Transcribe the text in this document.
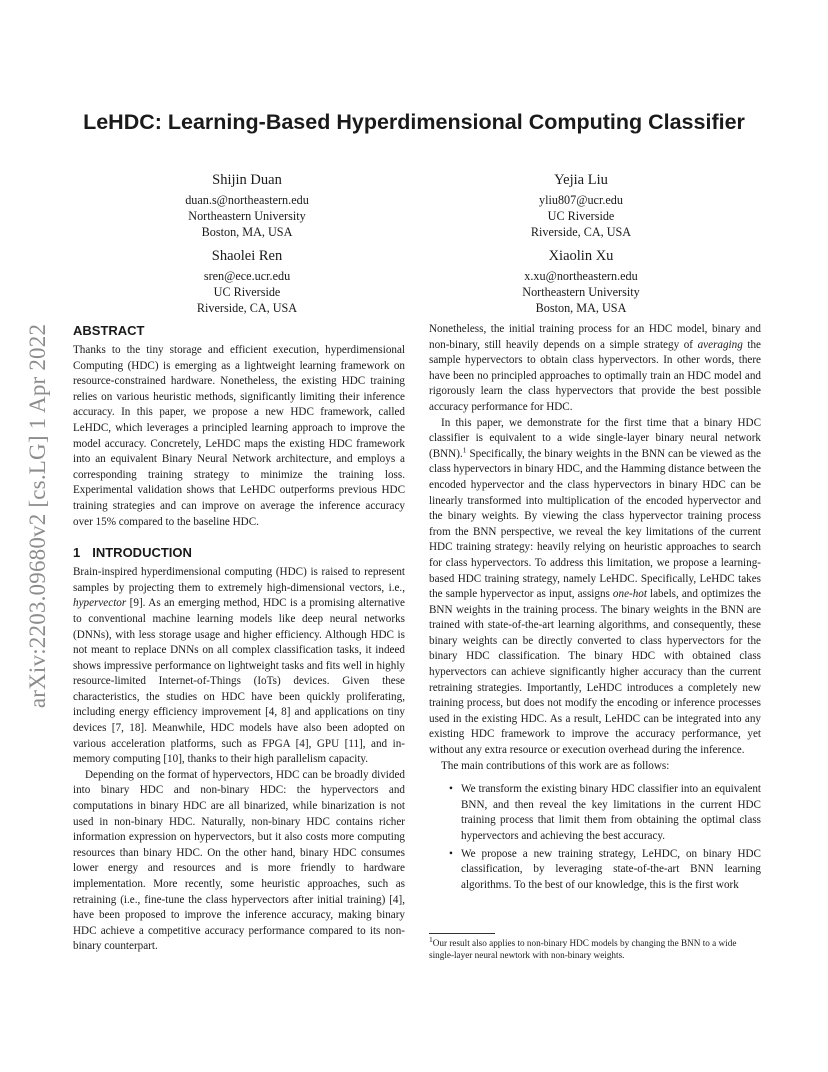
arXiv:2203.09680v2 [cs.LG] 1 Apr 2022
LeHDC: Learning-Based Hyperdimensional Computing Classifier
Shijin Duan
duan.s@northeastern.edu
Northeastern University
Boston, MA, USA
Yejia Liu
yliu807@ucr.edu
UC Riverside
Riverside, CA, USA
Shaolei Ren
sren@ece.ucr.edu
UC Riverside
Riverside, CA, USA
Xiaolin Xu
x.xu@northeastern.edu
Northeastern University
Boston, MA, USA
ABSTRACT

Thanks to the tiny storage and efficient execution, hyperdimensional Computing (HDC) is emerging as a lightweight learning framework on resource-constrained hardware. Nonetheless, the existing HDC training relies on various heuristic methods, significantly limiting their inference accuracy. In this paper, we propose a new HDC framework, called LeHDC, which leverages a principled learning approach to improve the model accuracy. Concretely, LeHDC maps the existing HDC framework into an equivalent Binary Neural Network architecture, and employs a corresponding training strategy to minimize the training loss. Experimental validation shows that LeHDC outperforms previous HDC training strategies and can improve on average the inference accuracy over 15% compared to the baseline HDC.

1 INTRODUCTION

Brain-inspired hyperdimensional computing (HDC) is raised to represent samples by projecting them to extremely high-dimensional vectors, i.e., hypervector [9]. As an emerging method, HDC is a promising alternative to conventional machine learning models like deep neural networks (DNNs), with less storage usage and higher efficiency. Although HDC is not meant to replace DNNs on all complex classification tasks, it indeed shows impressive performance on lightweight tasks and fits well in highly resource-limited Internet-of-Things (IoTs) devices. Given these characteristics, the studies on HDC have been quickly proliferating, including energy efficiency improvement [4, 8] and applications on tiny devices [7, 18]. Meanwhile, HDC models have also been adopted on various acceleration platforms, such as FPGA [4], GPU [11], and in-memory computing [10], thanks to their high parallelism capacity.

Depending on the format of hypervectors, HDC can be broadly divided into binary HDC and non-binary HDC: the hypervectors and computations in binary HDC are all binarized, while binarization is not used in non-binary HDC. Naturally, non-binary HDC contains richer information expression on hypervectors, but it also costs more computing resources than binary HDC. On the other hand, binary HDC consumes lower energy and resources and is more friendly to hardware implementation. More recently, some heuristic approaches, such as retraining (i.e., fine-tune the class hypervectors after initial training) [4], have been proposed to improve the inference accuracy, making binary HDC achieve a competitive accuracy performance compared to its non-binary counterpart.

Nonetheless, the initial training process for an HDC model, binary and non-binary, still heavily depends on a simple strategy of averaging the sample hypervectors to obtain class hypervectors. In other words, there have been no principled approaches to optimally train an HDC model and rigorously learn the class hypervectors that provide the best possible accuracy performance for HDC.

In this paper, we demonstrate for the first time that a binary HDC classifier is equivalent to a wide single-layer binary neural network (BNN).$^1$ Specifically, the binary weights in the BNN can be viewed as the class hypervectors in binary HDC, and the Hamming distance between the encoded hypervector and the class hypervectors in binary HDC can be linearly transformed into multiplication of the encoded hypervector and the binary weights. By viewing the class hypervector training process from the BNN perspective, we reveal the key limitations of the current HDC training strategy: heavily relying on heuristic approaches to search for class hypervectors. To address this limitation, we propose a learning-based HDC training strategy, namely LeHDC. Specifically, LeHDC takes the sample hypervector as input, assigns one-hot labels, and optimizes the BNN weights in the training process. The binary weights in the BNN are trained with state-of-the-art learning algorithms, and consequently, these binary weights can be directly converted to class hypervectors for the binary HDC classification. The binary HDC with obtained class hypervectors can achieve significantly higher accuracy than the current retraining strategies. Importantly, LeHDC introduces a completely new training process, but does not modify the encoding or inference processes used in the existing HDC. As a result, LeHDC can be integrated into any existing HDC framework to improve the accuracy performance, yet without any extra resource or execution overhead during the inference.

The main contributions of this work are as follows:

• We transform the existing binary HDC classifier into an equivalent BNN, and then reveal the key limitations in the current HDC training process that limit them from obtaining the optimal class hypervectors and achieving the best accuracy.
• We propose a new training strategy, LeHDC, on binary HDC classification, by leveraging state-of-the-art BNN learning algorithms. To the best of our knowledge, this is the first work
$^1$Our result also applies to non-binary HDC models by changing the BNN to a wide single-layer neural newtork with non-binary weights.
